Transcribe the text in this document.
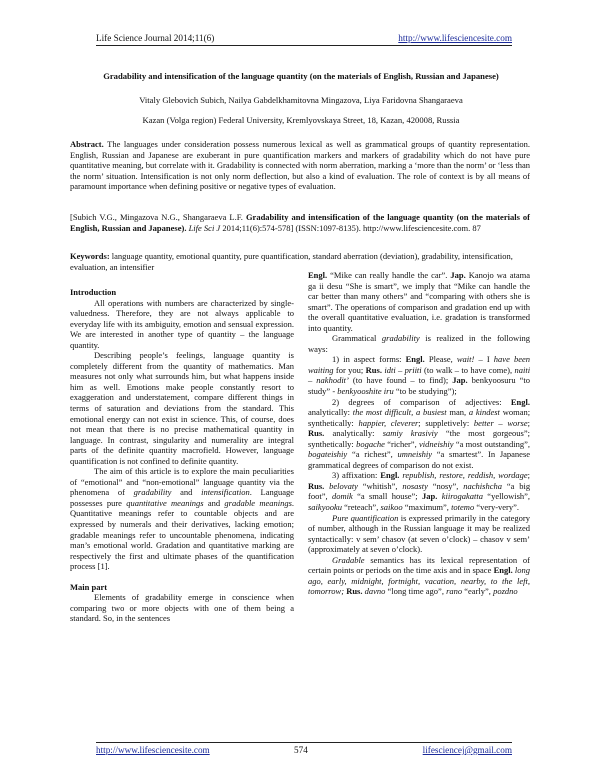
Life Science Journal 2014;11(6)	http://www.lifesciencesite.com
Gradability and intensification of the language quantity (on the materials of English, Russian and Japanese)
Vitaly Glebovich Subich, Nailya Gabdelkhamitovna Mingazova, Liya Faridovna Shangaraeva
Kazan (Volga region) Federal University, Kremlyovskaya Street, 18, Kazan, 420008, Russia
Abstract. The languages under consideration possess numerous lexical as well as grammatical groups of quantity representation. English, Russian and Japanese are exuberant in pure quantification markers and markers of gradability which do not have pure quantitative meaning, but correlate with it. Gradability is connected with norm aberration, marking a ‘more than the norm’ or ‘less than the norm’ situation. Intensification is not only norm deflection, but also a kind of evaluation. The role of context is by all means of paramount importance when defining positive or negative types of evaluation.
[Subich V.G., Mingazova N.G., Shangaraeva L.F. Gradability and intensification of the language quantity (on the materials of English, Russian and Japanese). Life Sci J 2014;11(6):574-578] (ISSN:1097-8135). http://www.lifesciencesite.com. 87
Keywords: language quantity, emotional quantity, pure quantification, standard aberration (deviation), gradability, intensification, evaluation, an intensifier

Introduction

All operations with numbers are characterized by single-valuedness. Therefore, they are not always applicable to everyday life with its ambiguity, emotion and sensual expression. We are interested in another type of quantity – the language quantity.

Describing people’s feelings, language quantity is completely different from the quantity of mathematics. Man measures not only what surrounds him, but what happens inside him as well. Emotions make people constantly resort to exaggeration and understatement, compare different things in terms of saturation and deviations from the standard. This emotional energy can not exist in science. This, of course, does not mean that there is no precise mathematical quantity in language. In contrast, singularity and numerality are integral parts of the definite quantity macrofield. However, language quantification is not confined to definite quantity.

The aim of this article is to explore the main peculiarities of “emotional” and “non-emotional” language quantity via the phenomena of gradability and intensification. Language possesses pure quantitative meanings and gradable meanings. Quantitative meanings refer to countable objects and are expressed by numerals and their derivatives, lacking emotion; gradable meanings refer to uncountable phenomena, indicating man’s emotional world. Gradation and quantitative marking are respectively the first and ultimate phases of the quantification process [1].

Main part

Elements of gradability emerge in conscience when comparing two or more objects with one of them being a standard. So, in the sentences

Engl. “Mike can really handle the car”. Jap. Kanojo wa atama ga ii desu “She is smart”, we imply that “Mike can handle the car better than many others” and “comparing with others she is smart”. The operations of comparison and gradation end up with the overall quantitative evaluation, i.e. gradation is transformed into quantity.

Grammatical gradability is realized in the following ways:

1) in aspect forms: Engl. Please, wait! – I have been waiting for you; Rus. idti – priiti (to walk – to have come), naiti – nakhodit’ (to have found – to find); Jap. benkyoosuru “to study” - benkyooshite iru “to be studying”);

2) degrees of comparison of adjectives: Engl. analytically: the most difficult, a busiest man, a kindest woman; synthetically: happier, cleverer; suppletively: better – worse; Rus. analytically: samiy krasiviy “the most gorgeous”; synthetically: bogache “richer”, vidneishiy “a most outstanding”, bogateishiy “a richest”, umneishiy “a smartest”. In Japanese grammatical degrees of comparison do not exist.

3) affixation: Engl. republish, restore, reddish, wordage; Rus. belovaty “whitish”, nosasty “nosy”, nachishcha “a big foot”, domik “a small house”; Jap. kiirogakatta “yellowish”, saikyooku “reteach”, saikoo “maximum”, totemo “very-very”.

Pure quantification is expressed primarily in the category of number, although in the Russian language it may be realized syntactically: v sem’ chasov (at seven o’clock) – chasov v sem’ (approximately at seven o’clock).

Gradable semantics has its lexical representation of certain points or periods on the time axis and in space Engl. long ago, early, midnight, fortnight, vacation, nearby, to the left, tomorrow; Rus. davno “long time ago”, rano “early”, pozdno

http://www.lifesciencesite.com	574	lifesciencej@gmail.com
